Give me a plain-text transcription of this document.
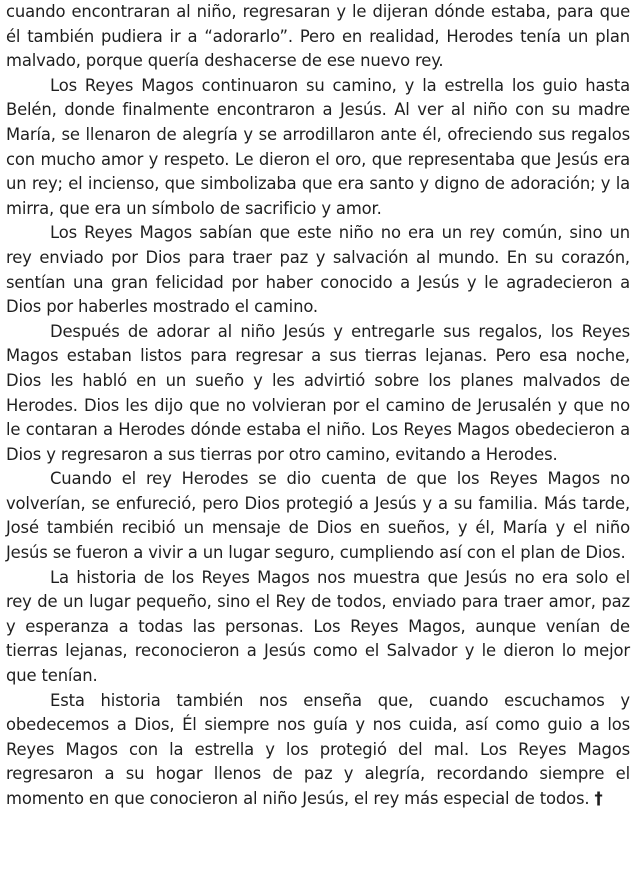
cuando encontraran al niño, regresaran y le dijeran dónde estaba, para que él también pudiera ir a “adorarlo”. Pero en realidad, Herodes tenía un plan malvado, porque quería deshacerse de ese nuevo rey.

Los Reyes Magos continuaron su camino, y la estrella los guio hasta Belén, donde finalmente encontraron a Jesús. Al ver al niño con su madre María, se llenaron de alegría y se arrodillaron ante él, ofreciendo sus regalos con mucho amor y respeto. Le dieron el oro, que representaba que Jesús era un rey; el incienso, que simbolizaba que era santo y digno de adoración; y la mirra, que era un símbolo de sacrificio y amor.

Los Reyes Magos sabían que este niño no era un rey común, sino un rey enviado por Dios para traer paz y salvación al mundo. En su corazón, sentían una gran felicidad por haber conocido a Jesús y le agradecieron a Dios por haberles mostrado el camino.

Después de adorar al niño Jesús y entregarle sus regalos, los Reyes Magos estaban listos para regresar a sus tierras lejanas. Pero esa noche, Dios les habló en un sueño y les advirtió sobre los planes malvados de Herodes. Dios les dijo que no volvieran por el camino de Jerusalén y que no le contaran a Herodes dónde estaba el niño. Los Reyes Magos obedecieron a Dios y regresaron a sus tierras por otro camino, evitando a Herodes.

Cuando el rey Herodes se dio cuenta de que los Reyes Magos no volverían, se enfureció, pero Dios protegió a Jesús y a su familia. Más tarde, José también recibió un mensaje de Dios en sueños, y él, María y el niño Jesús se fueron a vivir a un lugar seguro, cumpliendo así con el plan de Dios.

La historia de los Reyes Magos nos muestra que Jesús no era solo el rey de un lugar pequeño, sino el Rey de todos, enviado para traer amor, paz y esperanza a todas las personas. Los Reyes Magos, aunque venían de tierras lejanas, reconocieron a Jesús como el Salvador y le dieron lo mejor que tenían.

Esta historia también nos enseña que, cuando escuchamos y obedecemos a Dios, Él siempre nos guía y nos cuida, así como guio a los Reyes Magos con la estrella y los protegió del mal. Los Reyes Magos regresaron a su hogar llenos de paz y alegría, recordando siempre el momento en que conocieron al niño Jesús, el rey más especial de todos. †
